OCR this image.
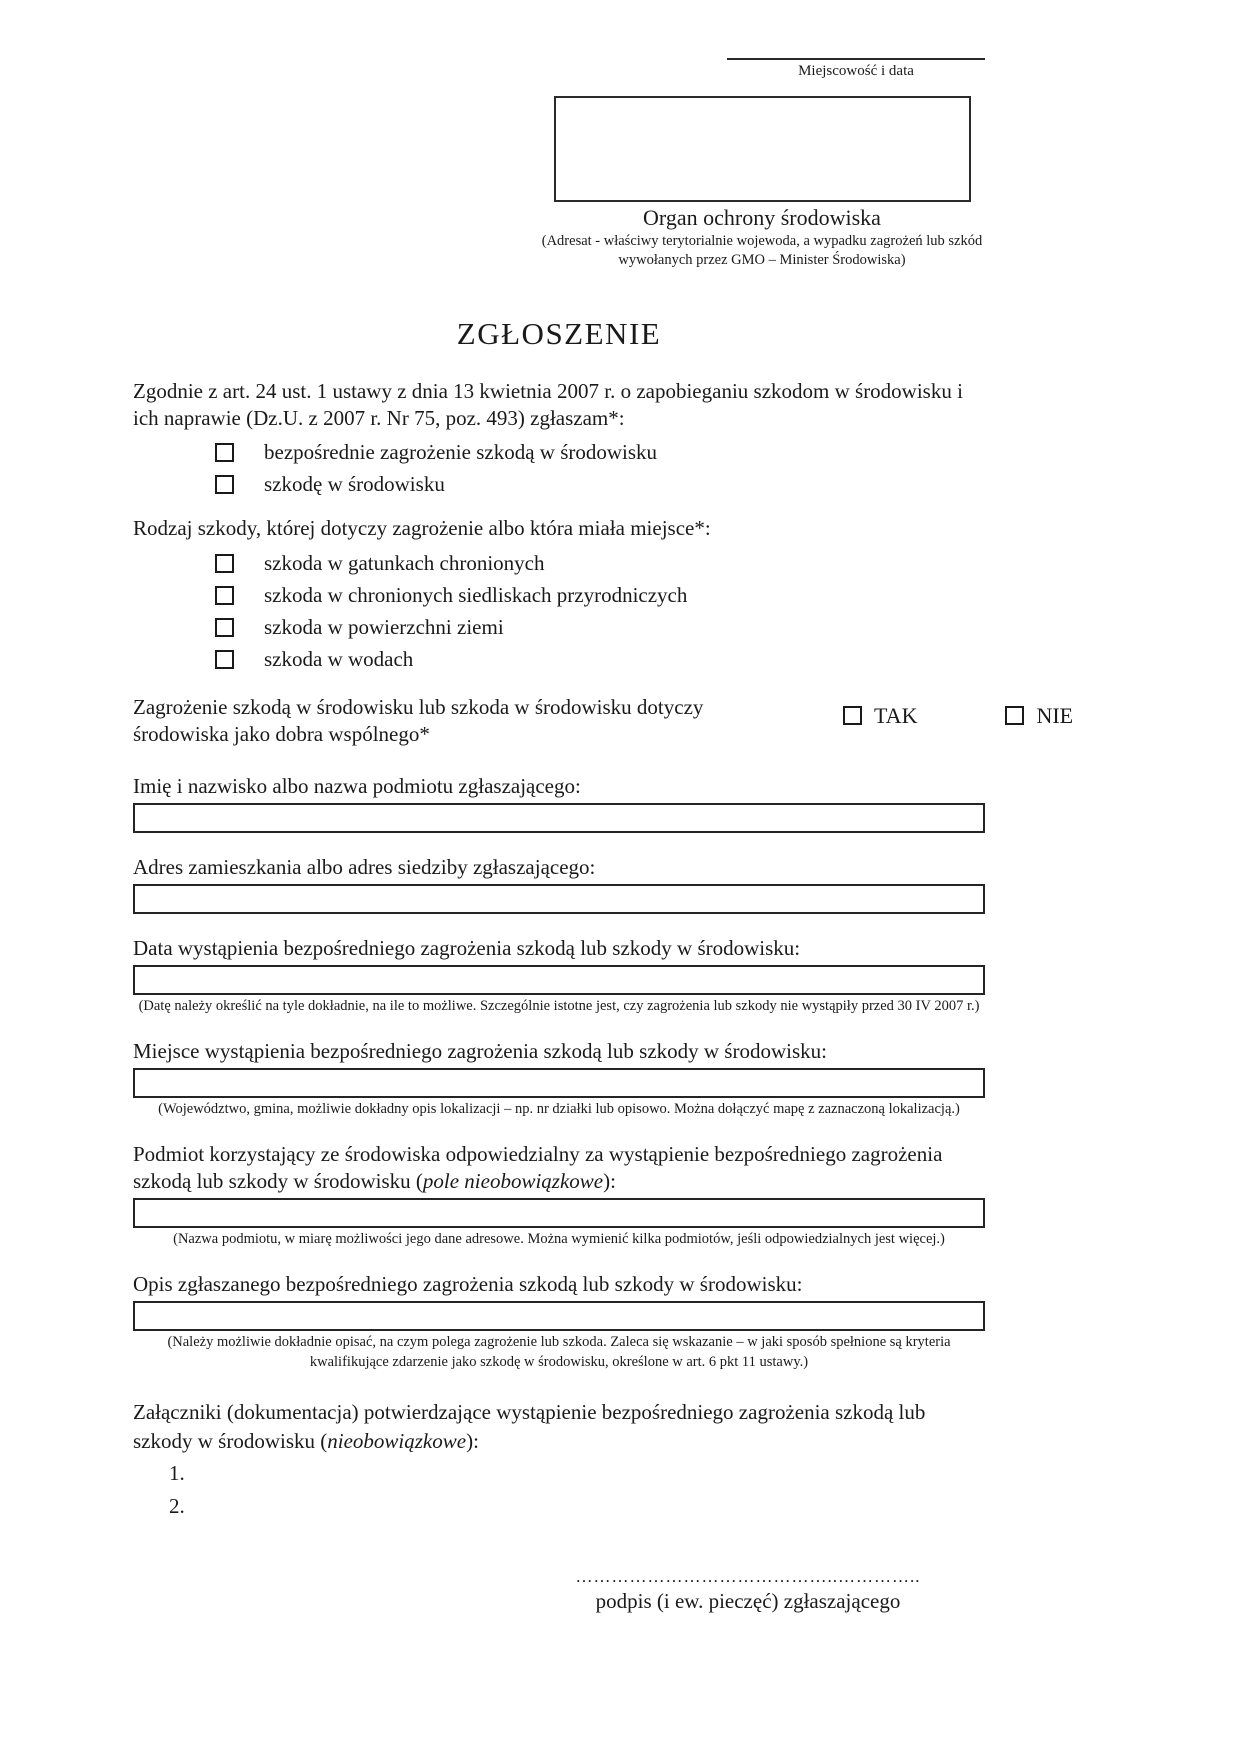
Miejscowość i data
Organ ochrony środowiska
(Adresat - właściwy terytorialnie wojewoda, a wypadku zagrożeń lub szkód wywołanych przez GMO – Minister Środowiska)
ZGŁOSZENIE

Zgodnie z art. 24 ust. 1 ustawy z dnia 13 kwietnia 2007 r. o zapobieganiu szkodom w środowisku i ich naprawie (Dz.U. z 2007 r. Nr 75, poz. 493) zgłaszam*:

bezpośrednie zagrożenie szkodą w środowisku
szkodę w środowisku

Rodzaj szkody, której dotyczy zagrożenie albo która miała miejsce*:

szkoda w gatunkach chronionych
szkoda w chronionych siedliskach przyrodniczych
szkoda w powierzchni ziemi
szkoda w wodach
Zagrożenie szkodą w środowisku lub szkoda w środowisku dotyczy środowiska jako dobra wspólnego*
TAK	NIE
Imię i nazwisko albo nazwa podmiotu zgłaszającego:
Adres zamieszkania albo adres siedziby zgłaszającego:
Data wystąpienia bezpośredniego zagrożenia szkodą lub szkody w środowisku:
(Datę należy określić na tyle dokładnie, na ile to możliwe. Szczególnie istotne jest, czy zagrożenia lub szkody nie wystąpiły przed 30 IV 2007 r.)
Miejsce wystąpienia bezpośredniego zagrożenia szkodą lub szkody w środowisku:
(Województwo, gmina, możliwie dokładny opis lokalizacji – np. nr działki lub opisowo. Można dołączyć mapę z zaznaczoną lokalizacją.)
Podmiot korzystający ze środowiska odpowiedzialny za wystąpienie bezpośredniego zagrożenia szkodą lub szkody w środowisku (pole nieobowiązkowe):
(Nazwa podmiotu, w miarę możliwości jego dane adresowe. Można wymienić kilka podmiotów, jeśli odpowiedzialnych jest więcej.)
Opis zgłaszanego bezpośredniego zagrożenia szkodą lub szkody w środowisku:
(Należy możliwie dokładnie opisać, na czym polega zagrożenie lub szkoda. Zaleca się wskazanie – w jaki sposób spełnione są kryteria kwalifikujące zdarzenie jako szkodę w środowisku, określone w art. 6 pkt 11 ustawy.)
Załączniki (dokumentacja) potwierdzające wystąpienie bezpośredniego zagrożenia szkodą lub szkody w środowisku (nieobowiązkowe):
1.
2.
……………………………………..…………..
podpis (i ew. pieczęć) zgłaszającego
